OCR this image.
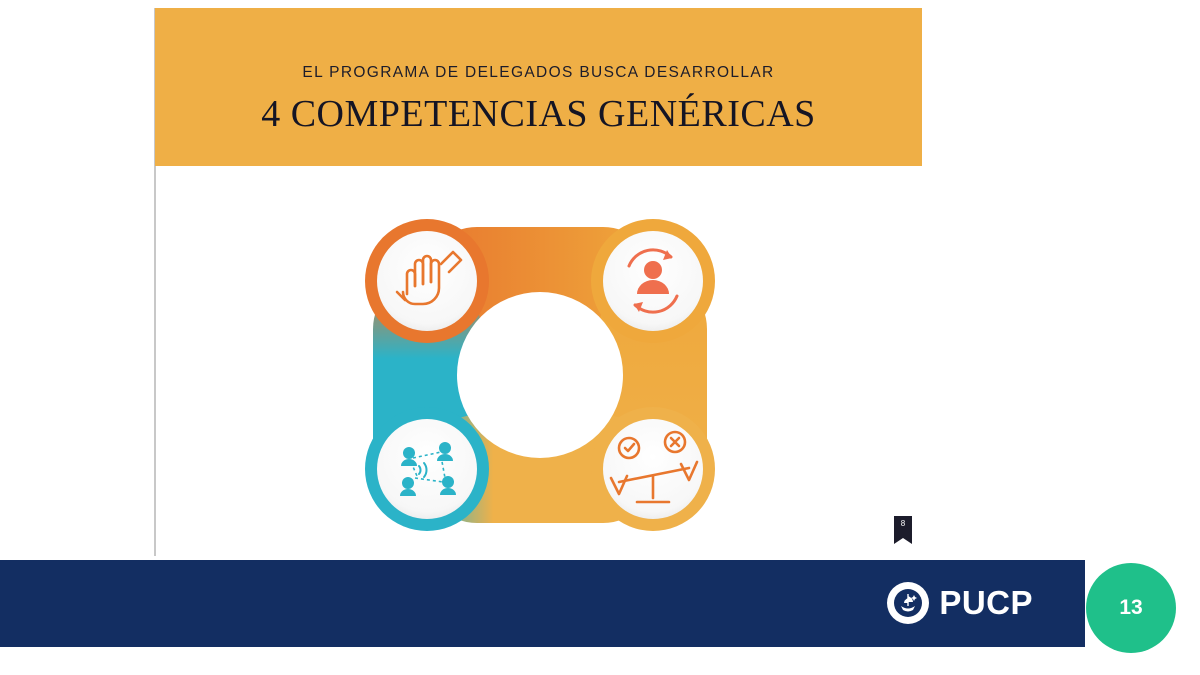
EL PROGRAMA DE DELEGADOS BUSCA DESARROLLAR
4 COMPETENCIAS GENÉRICAS
8
PUCP	13
